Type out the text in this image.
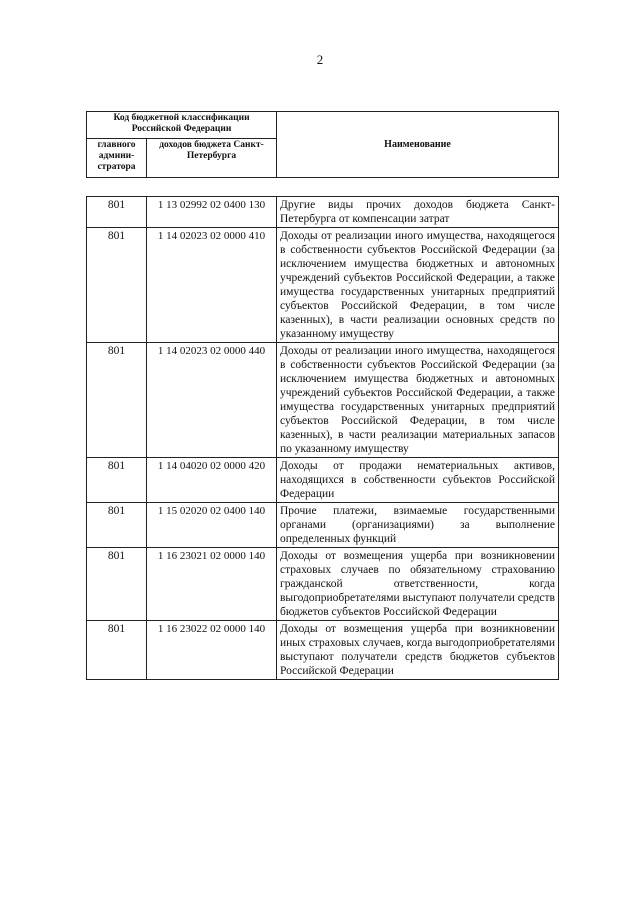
2
Код бюджетной классификации Российской Федерации		Наименование
главного админи-стратора	доходов бюджета Санкт-Петербурга	
801	1 13 02992 02 0400 130	Другие виды прочих доходов бюджета Санкт-Петербурга от компенсации затрат
801	1 14 02023 02 0000 410	Доходы от реализации иного имущества, находящегося в собственности субъектов Российской Федерации (за исключением имущества бюджетных и автономных учреждений субъектов Российской Федерации, а также имущества государственных унитарных предприятий субъектов Российской Федерации, в том числе казенных), в части реализации основных средств по указанному имуществу
801	1 14 02023 02 0000 440	Доходы от реализации иного имущества, находящегося в собственности субъектов Российской Федерации (за исключением имущества бюджетных и автономных учреждений субъектов Российской Федерации, а также имущества государственных унитарных предприятий субъектов Российской Федерации, в том числе казенных), в части реализации материальных запасов по указанному имуществу
801	1 14 04020 02 0000 420	Доходы от продажи нематериальных активов, находящихся в собственности субъектов Российской Федерации
801	1 15 02020 02 0400 140	Прочие платежи, взимаемые государственными органами (организациями) за выполнение определенных функций
801	1 16 23021 02 0000 140	Доходы от возмещения ущерба при возникновении страховых случаев по обязательному страхованию гражданской ответственности, когда выгодоприобретателями выступают получатели средств бюджетов субъектов Российской Федерации
801	1 16 23022 02 0000 140	Доходы от возмещения ущерба при возникновении иных страховых случаев, когда выгодоприобретателями выступают получатели средств бюджетов субъектов Российской Федерации
